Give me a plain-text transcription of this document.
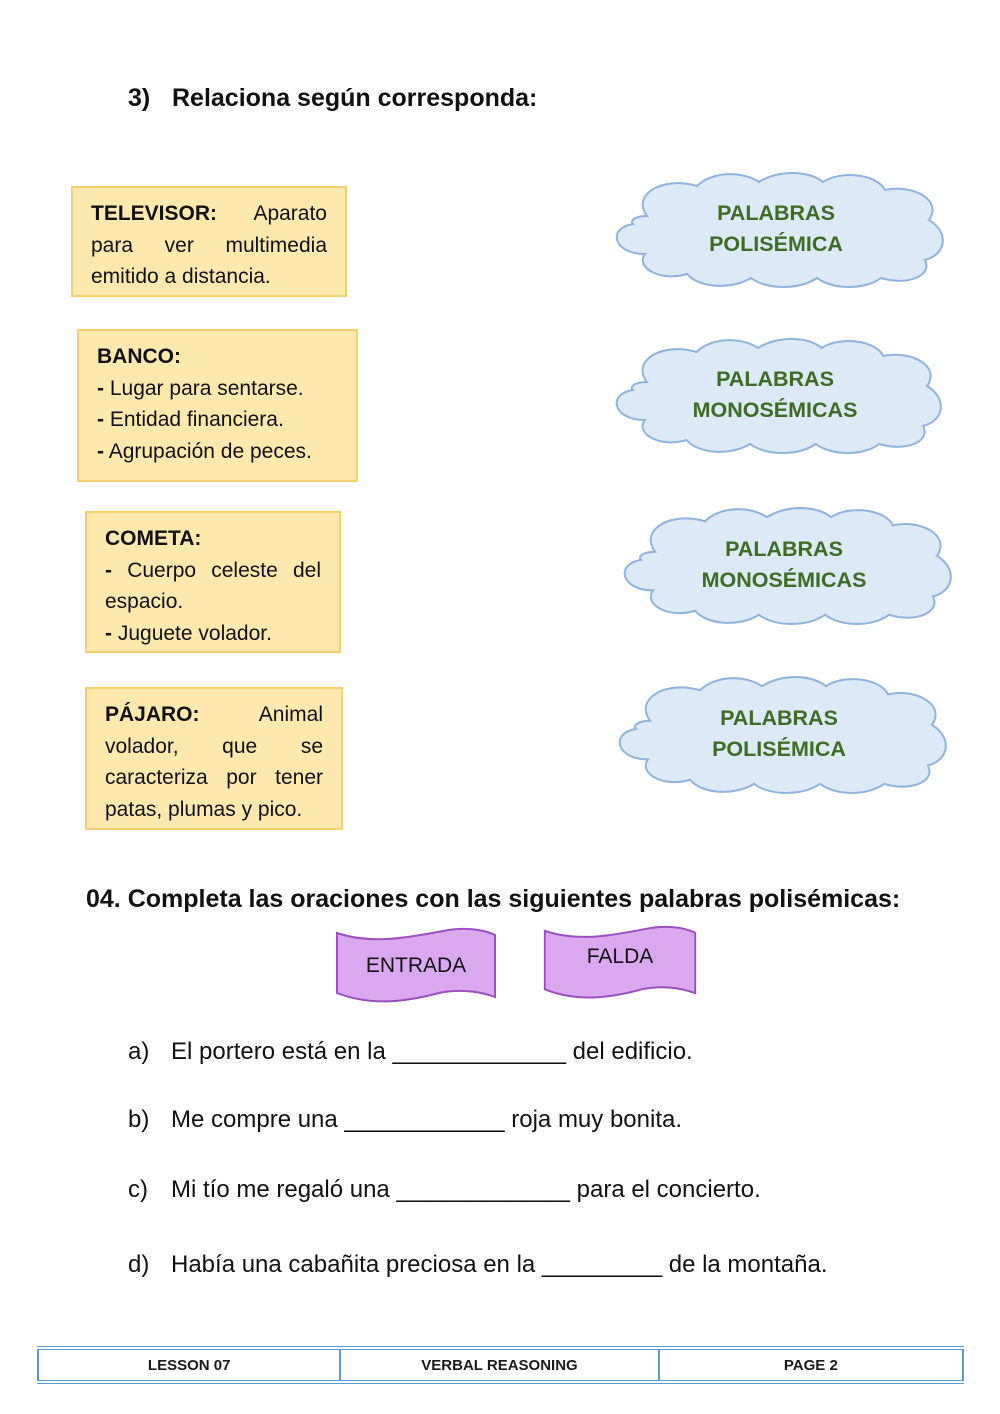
3) Relaciona según corresponda:
TELEVISOR: Aparato para ver multimedia emitido a distancia.
BANCO:
- Lugar para sentarse.
- Entidad financiera.
- Agrupación de peces.
COMETA:
- Cuerpo celeste del espacio.
- Juguete volador.
PÁJARO:	Animal volador, que se caracteriza por tener patas, plumas y pico.
PALABRAS
POLISÉMICA
PALABRAS
MONOSÉMICAS
PALABRAS
MONOSÉMICAS
PALABRAS
POLISÉMICA
04. Completa las oraciones con las siguientes palabras polisémicas:
ENTRADA	FALDA
a) El portero está en la _____________ del edificio.
b) Me compre una ____________ roja muy bonita.
c) Mi tío me regaló una _____________ para el concierto.
d) Había una cabañita preciosa en la _________ de la montaña.
LESSON 07	VERBAL REASONING	PAGE 2
